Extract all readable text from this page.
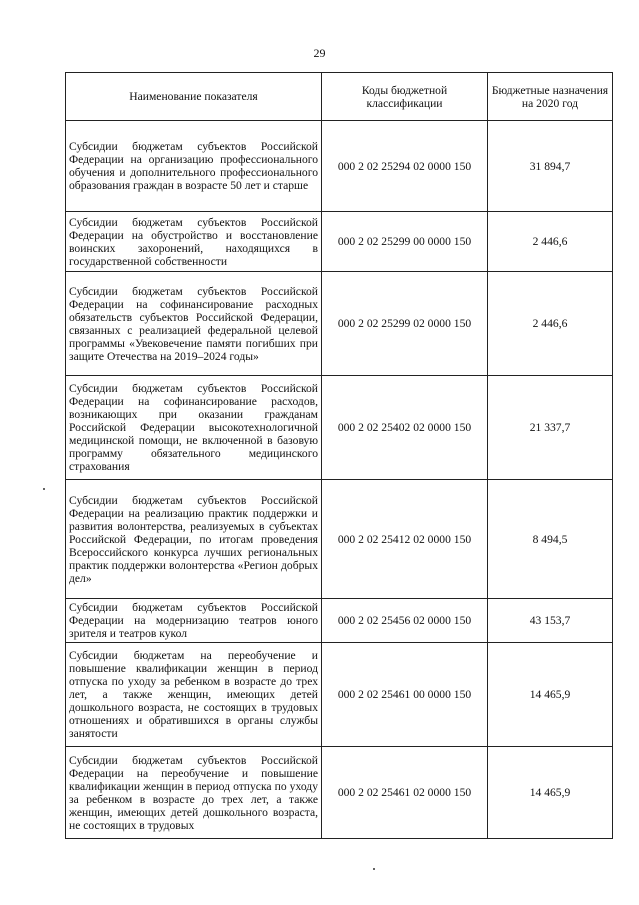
29
Наименование показателя	Коды бюджетной классификации	Бюджетные назначения на 2020 год
Субсидии бюджетам субъектов Российской Федерации на организацию профессионального обучения и дополнительного профессионального образования граждан в возрасте 50 лет и старше	000 2 02 25294 02 0000 150	31 894,7
Субсидии бюджетам субъектов Российской Федерации на обустройство и восстановление воинских захоронений, находящихся в государственной собственности	000 2 02 25299 00 0000 150	2 446,6
Субсидии бюджетам субъектов Российской Федерации на софинансирование расходных обязательств субъектов Российской Федерации, связанных с реализацией федеральной целевой программы «Увековечение памяти погибших при защите Отечества на 2019–2024 годы»	000 2 02 25299 02 0000 150	2 446,6
Субсидии бюджетам субъектов Российской Федерации на софинансирование расходов, возникающих при оказании гражданам Российской Федерации высокотехнологичной медицинской помощи, не включенной в базовую программу обязательного медицинского страхования	000 2 02 25402 02 0000 150	21 337,7
Субсидии бюджетам субъектов Российской Федерации на реализацию практик поддержки и развития волонтерства, реализуемых в субъектах Российской Федерации, по итогам проведения Всероссийского конкурса лучших региональных практик поддержки волонтерства «Регион добрых дел»	000 2 02 25412 02 0000 150	8 494,5
Субсидии бюджетам субъектов Российской Федерации на модернизацию театров юного зрителя и театров кукол	000 2 02 25456 02 0000 150	43 153,7
Субсидии бюджетам на переобучение и повышение квалификации женщин в период отпуска по уходу за ребенком в возрасте до трех лет, а также женщин, имеющих детей дошкольного возраста, не состоящих в трудовых отношениях и обратившихся в органы службы занятости	000 2 02 25461 00 0000 150	14 465,9
Субсидии бюджетам субъектов Российской Федерации на переобучение и повышение квалификации женщин в период отпуска по уходу за ребенком в возрасте до трех лет, а также женщин, имеющих детей дошкольного возраста, не состоящих в трудовых	000 2 02 25461 02 0000 150	14 465,9
